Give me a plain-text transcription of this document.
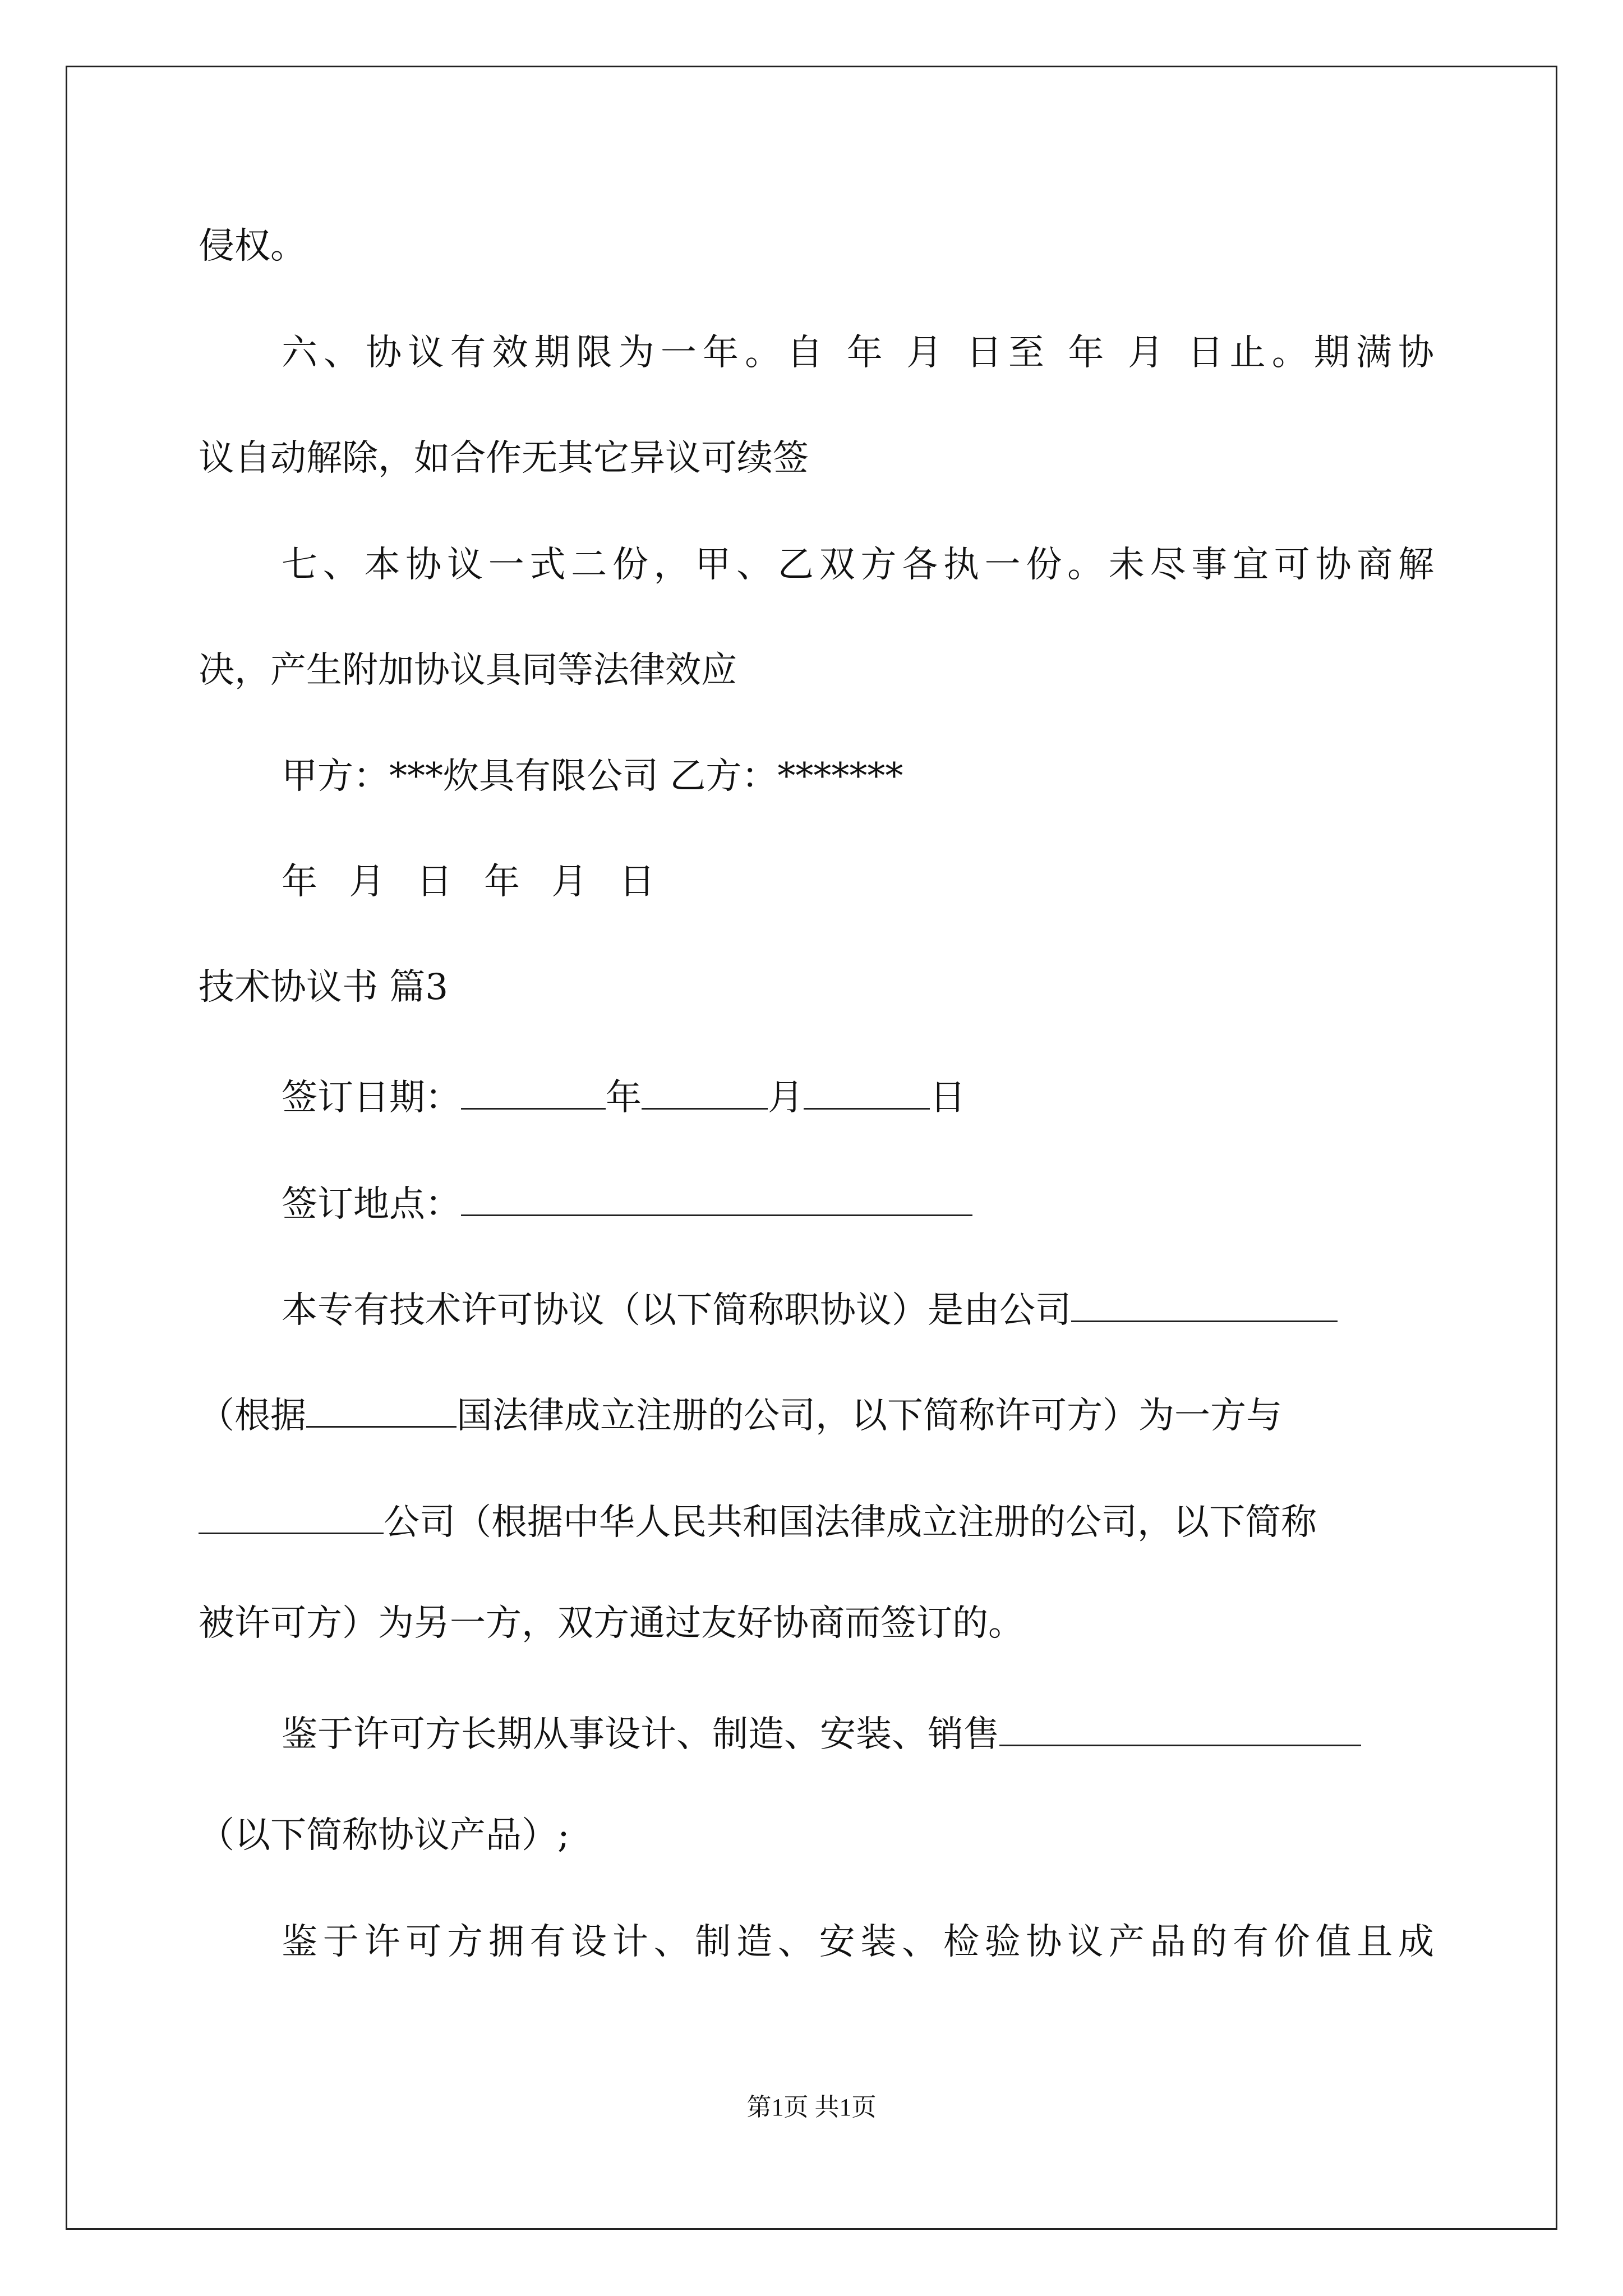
侵权。

六、协议有效期限为一年。自 年 月 日至 年 月 日止。期满协

议自动解除，如合作无其它异议可续签

七、本协议一式二份，甲、乙双方各执一份。未尽事宜可协商解

决，产生附加协议具同等法律效应

甲方：***炊具有限公司 乙方：*******

年 月 日 年 月 日

技术协议书 篇3

签订日期：	年	月	日

签订地点：

本专有技术许可协议（以下简称职协议）是由公司

（根据	国法律成立注册的公司，以下简称许可方）为一方与

公司（根据中华人民共和国法律成立注册的公司，以下简称

被许可方）为另一方，双方通过友好协商而签订的。

鉴于许可方长期从事设计、制造、安装、销售

（以下简称协议产品）;

鉴于许可方拥有设计、制造、安装、检验协议产品的有价值且成

第1页 共1页
